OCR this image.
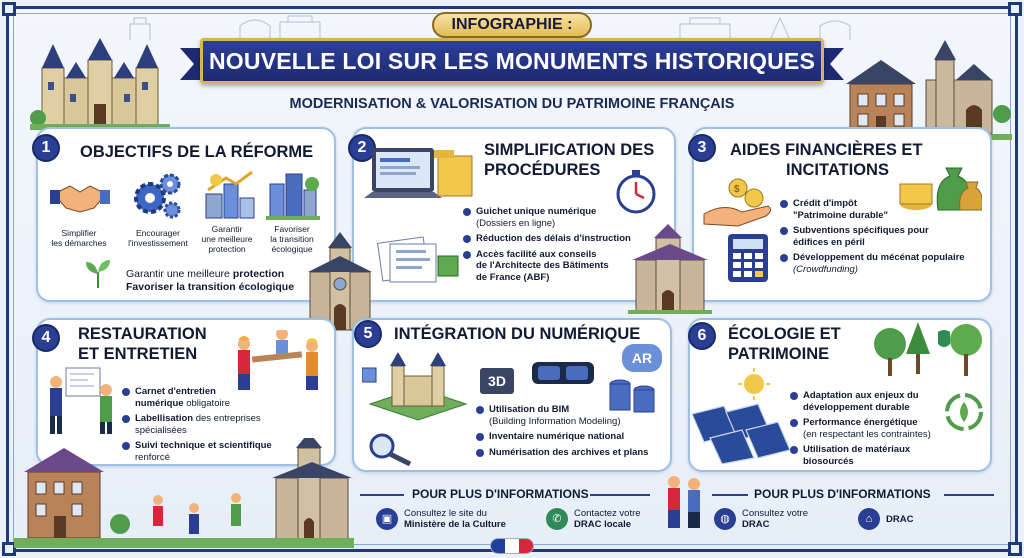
INFOGRAPHIE :
NOUVELLE LOI SUR LES MONUMENTS HISTORIQUES
MODERNISATION & VALORISATION DU PATRIMOINE FRANÇAIS
1	OBJECTIFS DE LA RÉFORME
Simplifier
les démarches
Encourager
l'investissement
Garantir
une meilleure
protection
Favoriser
la transition
écologique
Garantir une meilleure protection
Favoriser la transition écologique
2	SIMPLIFICATION DES
PROCÉDURES
Guichet unique numérique
(Dossiers en ligne)
Réduction des délais d'instruction
Accès facilité aux conseils
de l'Architecte des Bâtiments
de France (ABF)
3	AIDES FINANCIÈRES ET
INCITATIONS
$
Crédit d'impôt
"Patrimoine durable"
Subventions spécifiques pour
édifices en péril
Développement du mécénat populaire
(Crowdfunding)
4	RESTAURATION
ET ENTRETIEN
Carnet d'entretien
numérique obligatoire
Labellisation des entreprises
spécialisées
Suivi technique et scientifique
renforcé
5	INTÉGRATION DU NUMÉRIQUE
3D
AR
Utilisation du BIM
(Building Information Modeling)
Inventaire numérique national
Numérisation des archives et plans
6	ÉCOLOGIE ET
PATRIMOINE
Adaptation aux enjeux du
développement durable
Performance énergétique
(en respectant les contraintes)
Utilisation de matériaux biosourcés
POUR PLUS D'INFORMATIONS	POUR PLUS D'INFORMATIONS
▣	Consultez le site du
Ministère de la Culture	✆	Contactez votre
DRAC locale	◍	Consultez votre
DRAC	⌂	DRAC
